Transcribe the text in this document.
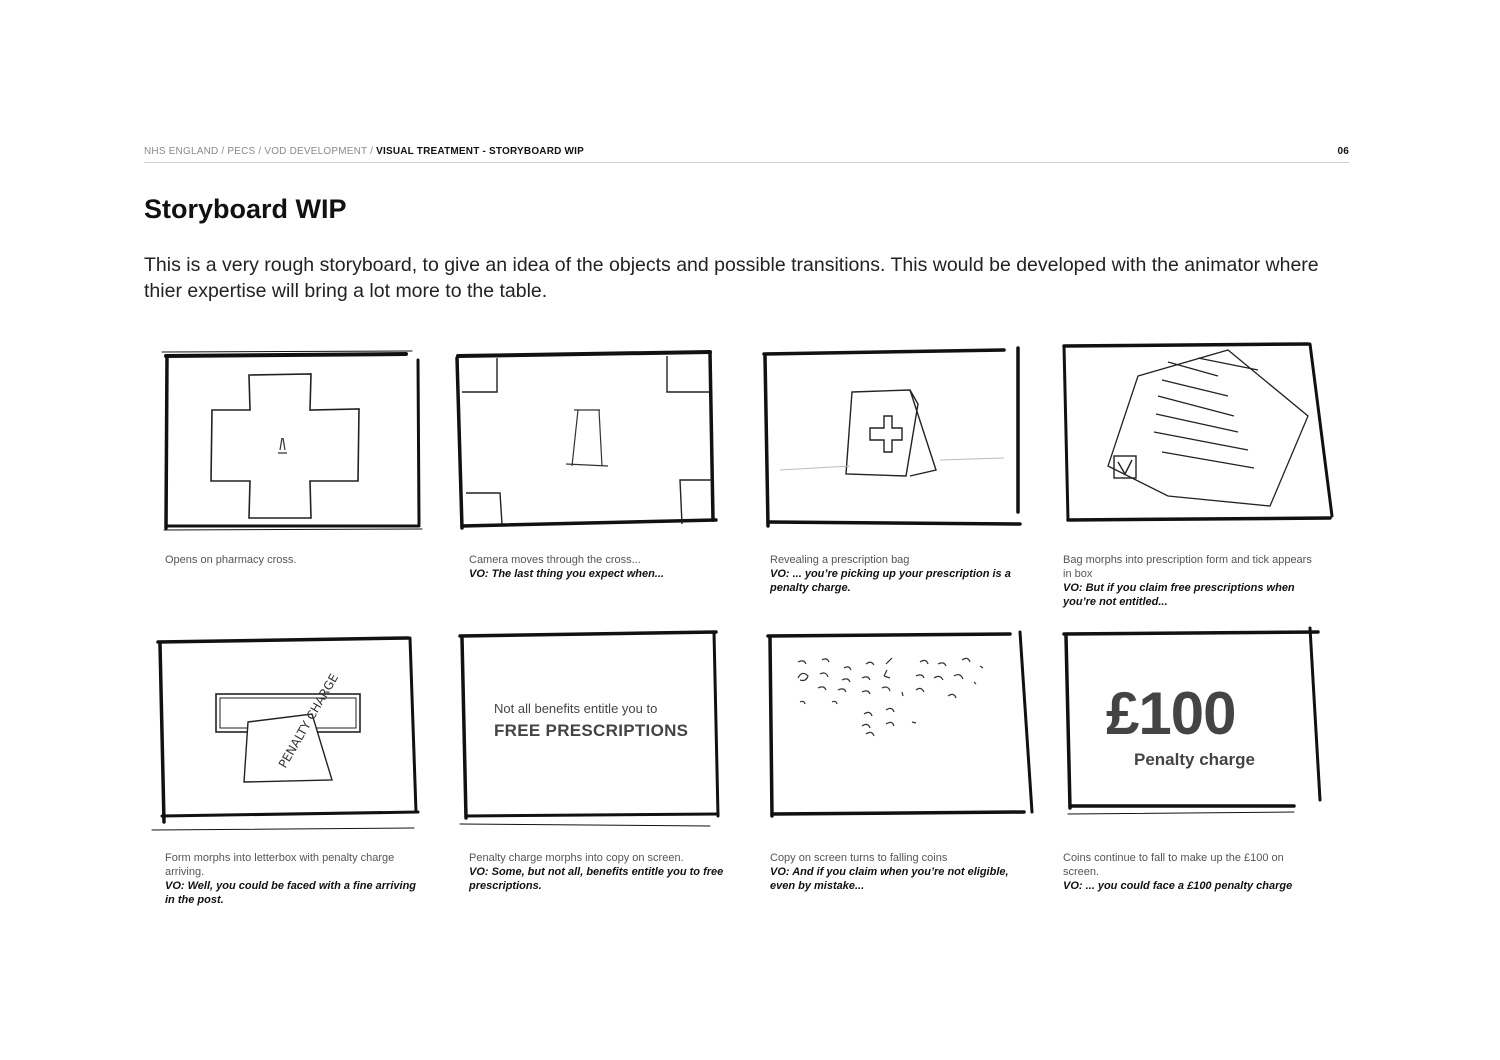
NHS ENGLAND / PECS / VOD DEVELOPMENT / VISUAL TREATMENT - STORYBOARD WIP	06
Storyboard WIP

This is a very rough storyboard, to give an idea of the objects and possible transitions. This would be developed with the animator where thier expertise will bring a lot more to the table.

Opens on pharmacy cross.	Camera moves through the cross...
VO: The last thing you expect when...
Revealing a prescription bag
VO: ... you’re picking up your prescription is a penalty charge.
Bag morphs into prescription form and tick appears in box
VO: But if you claim free prescriptions when you’re not entitled...
PENALTY CHARGE
Form morphs into letterbox with penalty charge arriving.
VO: Well, you could be faced with a fine arriving in the post.
Not all benefits entitle you to
FREE PRESCRIPTIONS
Penalty charge morphs into copy on screen.
VO: Some, but not all, benefits entitle you to free prescriptions.
Copy on screen turns to falling coins
VO: And if you claim when you’re not eligible, even by mistake...
£100
Penalty charge
Coins continue to fall to make up the £100 on screen.
VO: ... you could face a £100 penalty charge
